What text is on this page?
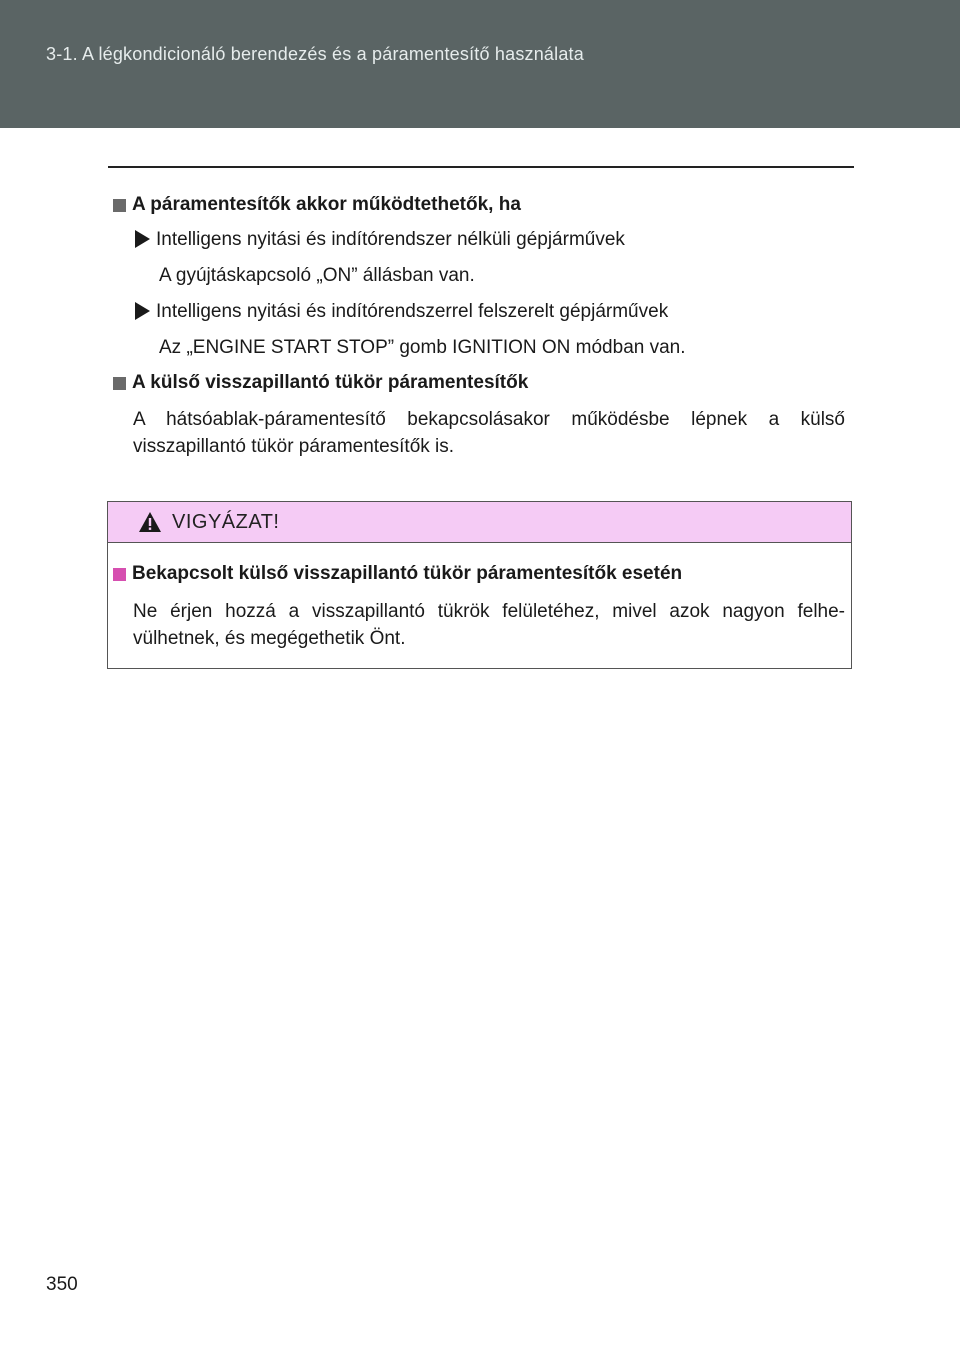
3-1. A légkondicionáló berendezés és a páramentesítő használata
A páramentesítők akkor működtethetők, ha
Intelligens nyitási és indítórendszer nélküli gépjárművek
A gyújtáskapcsoló „ON” állásban van.
Intelligens nyitási és indítórendszerrel felszerelt gépjárművek
Az „ENGINE START STOP” gomb IGNITION ON módban van.
A külső visszapillantó tükör páramentesítők
A hátsóablak-páramentesítő bekapcsolásakor működésbe lépnek a külső visszapillantó tükör páramentesítők is.
VIGYÁZAT!
Bekapcsolt külső visszapillantó tükör páramentesítők esetén
Ne érjen hozzá a visszapillantó tükrök felületéhez, mivel azok nagyon felhe- vülhetnek, és megégethetik Önt.
350
